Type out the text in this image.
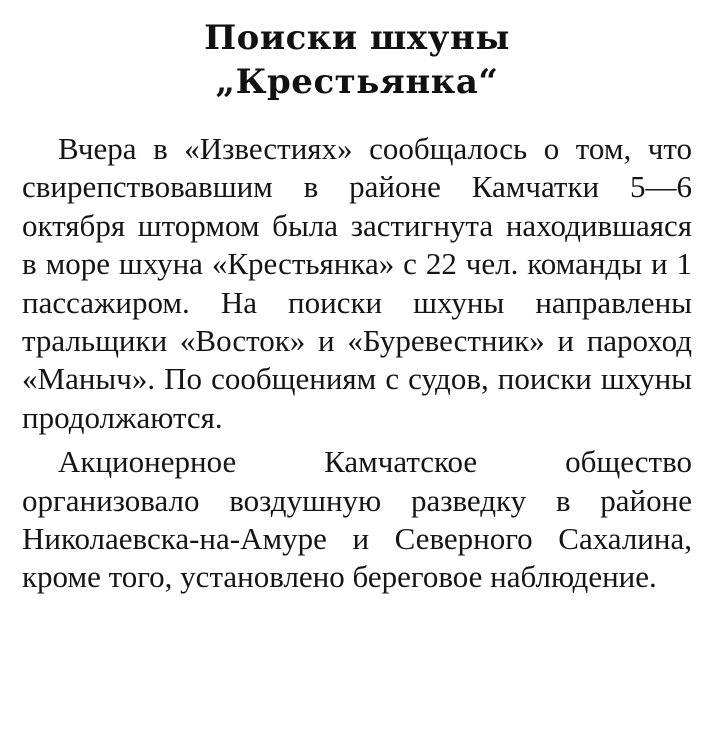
Поиски шхуны
„Крестьянка“

Вчера в «Известиях» сообщалось о том, что свирепствовавшим в районе Камчатки 5—6 октября штормом была застигнута находившаяся в море шхуна «Крестьянка» с 22 чел. команды и 1 пассажиром. На поиски шхуны направлены тральщики «Восток» и «Буревестник» и пароход «Маныч». По сообщениям с судов, поиски шхуны продолжаются.

Акционерное Камчатское общество организовало воздушную разведку в районе Николаевска-на-Амуре и Северного Сахалина, кроме того, установлено береговое наблюдение.
